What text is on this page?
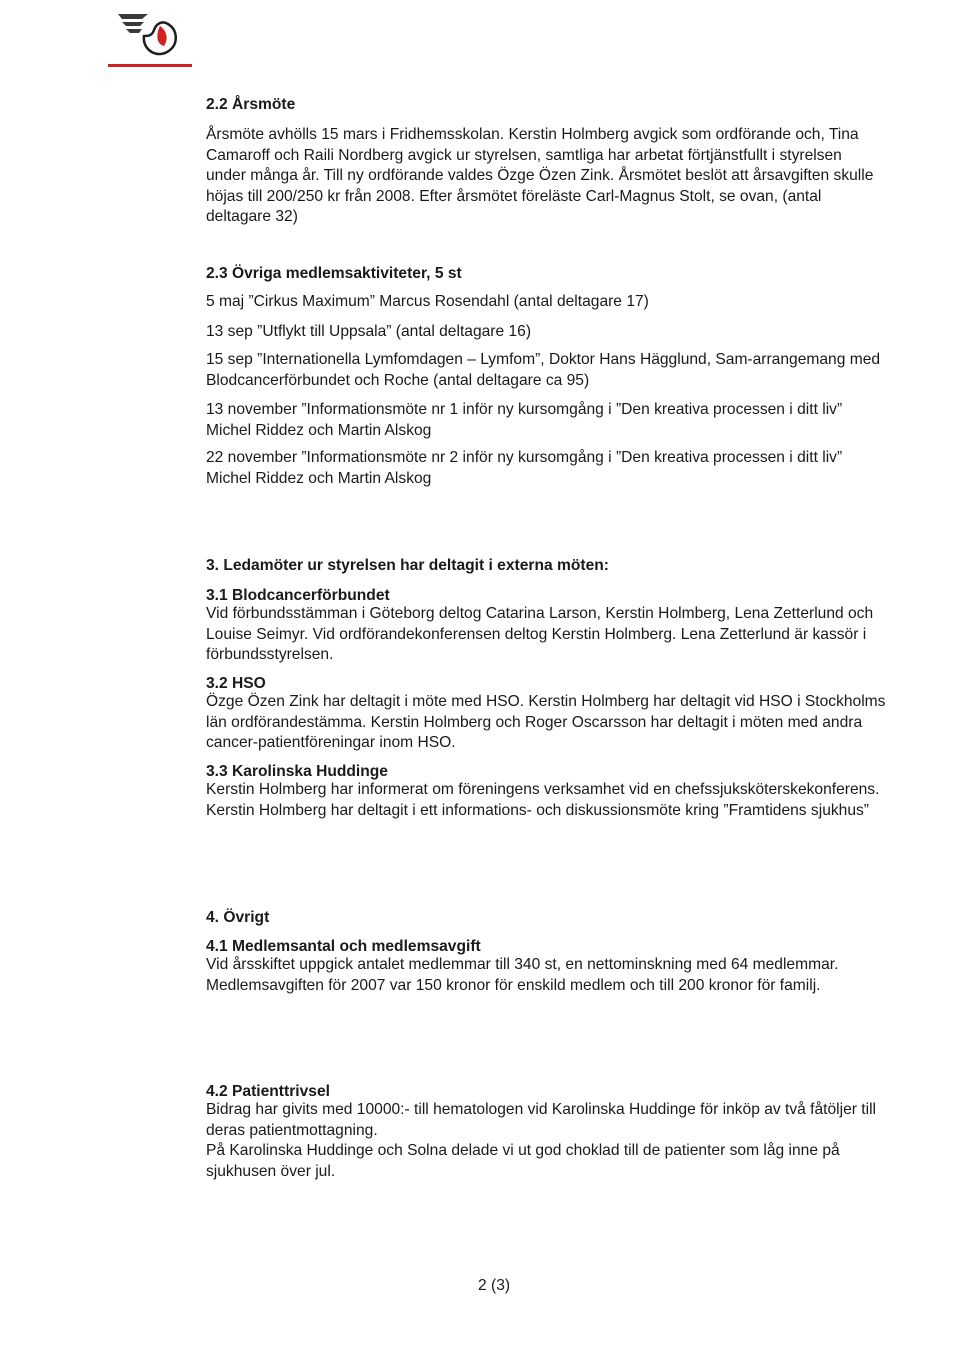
2.2 Årsmöte

Årsmöte avhölls 15 mars i Fridhemsskolan. Kerstin Holmberg avgick som ordförande och, Tina Camaroff och Raili Nordberg avgick ur styrelsen, samtliga har arbetat förtjänstfullt i styrelsen under många år. Till ny ordförande valdes Özge Özen Zink. Årsmötet beslöt att årsavgiften skulle höjas till 200/250 kr från 2008. Efter årsmötet föreläste Carl-Magnus Stolt, se ovan, (antal deltagare 32)

2.3 Övriga medlemsaktiviteter, 5 st

5 maj ”Cirkus Maximum” Marcus Rosendahl (antal deltagare 17)

13 sep ”Utflykt till Uppsala” (antal deltagare 16)

15 sep ”Internationella Lymfomdagen – Lymfom”, Doktor Hans Hägglund, Sam-arrangemang med Blodcancerförbundet och Roche (antal deltagare ca 95)

13 november ”Informationsmöte nr 1 inför ny kursomgång i ”Den kreativa processen i ditt liv” Michel Riddez och Martin Alskog

22 november ”Informationsmöte nr 2 inför ny kursomgång i ”Den kreativa processen i ditt liv” Michel Riddez och Martin Alskog

3. Ledamöter ur styrelsen har deltagit i externa möten:
3.1 Blodcancerförbundet

Vid förbundsstämman i Göteborg deltog Catarina Larson, Kerstin Holmberg, Lena Zetterlund och Louise Seimyr. Vid ordförandekonferensen deltog Kerstin Holmberg. Lena Zetterlund är kassör i förbundsstyrelsen.

3.2 HSO

Özge Özen Zink har deltagit i möte med HSO. Kerstin Holmberg har deltagit vid HSO i Stockholms län ordförandestämma. Kerstin Holmberg och Roger Oscarsson har deltagit i möten med andra cancer-patientföreningar inom HSO.

3.3 Karolinska Huddinge

Kerstin Holmberg har informerat om föreningens verksamhet vid en chefssjuksköterskekonferens. Kerstin Holmberg har deltagit i ett informations- och diskussionsmöte kring ”Framtidens sjukhus”

4. Övrigt
4.1 Medlemsantal och medlemsavgift

Vid årsskiftet uppgick antalet medlemmar till 340 st, en nettominskning med 64 medlemmar. Medlemsavgiften för 2007 var 150 kronor för enskild medlem och till 200 kronor för familj.

4.2 Patienttrivsel

Bidrag har givits med 10000:- till hematologen vid Karolinska Huddinge för inköp av två fåtöljer till deras patientmottagning.

På Karolinska Huddinge och Solna delade vi ut god choklad till de patienter som låg inne på sjukhusen över jul.

2 (3)
